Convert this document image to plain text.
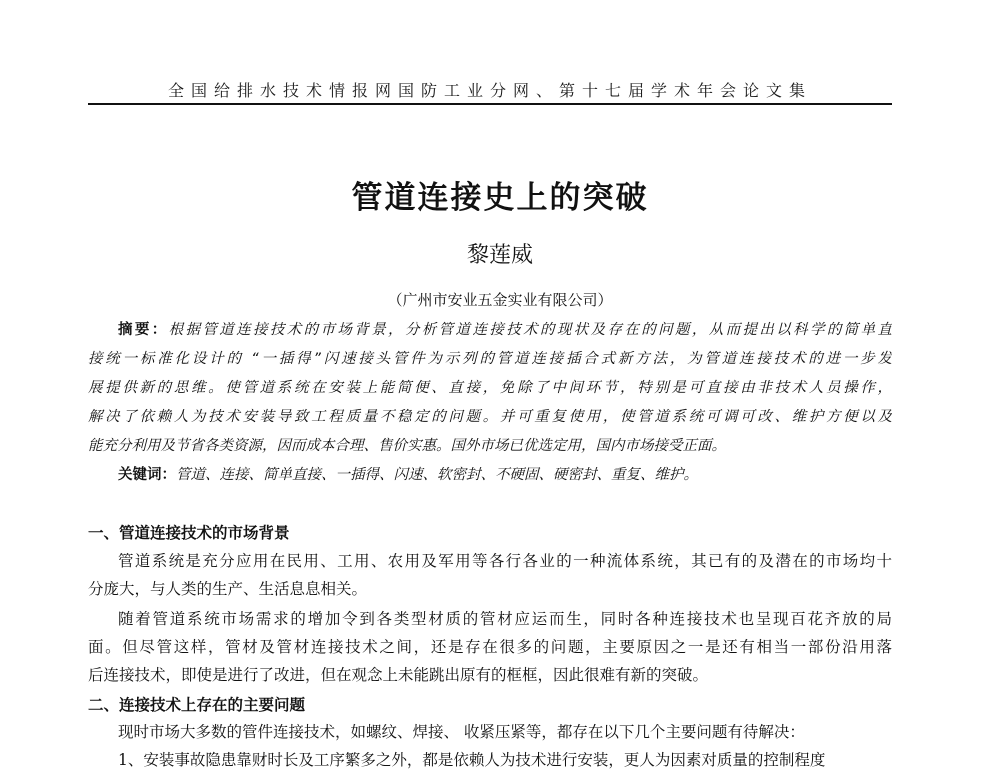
全国给排水技术情报网国防工业分网、第十七届学术年会论文集
管道连接史上的突破
黎莲威
（广州市安业五金实业有限公司）
摘要：根据管道连接技术的市场背景，分析管道连接技术的现状及存在的问题，从而提出以科学的简单直
接统一标准化设计的 “一插得”闪速接头管件为示列的管道连接插合式新方法，为管道连接技术的进一步发
展提供新的思维。使管道系统在安装上能简便、直接，免除了中间环节，特别是可直接由非技术人员操作，
解决了依赖人为技术安装导致工程质量不稳定的问题。并可重复使用，使管道系统可调可改、维护方便以及
能充分利用及节省各类资源，因而成本合理、售价实惠。国外市场已优选定用，国内市场接受正面。
关键词：管道、连接、简单直接、一插得、闪速、软密封、不硬固、硬密封、重复、维护。
一、管道连接技术的市场背景
管道系统是充分应用在民用、工用、农用及军用等各行各业的一种流体系统，其已有的及潜在的市场均十
分庞大，与人类的生产、生活息息相关。
随着管道系统市场需求的增加令到各类型材质的管材应运而生，同时各种连接技术也呈现百花齐放的局
面。但尽管这样，管材及管材连接技术之间，还是存在很多的问题，主要原因之一是还有相当一部份沿用落
后连接技术，即使是进行了改进，但在观念上未能跳出原有的框框，因此很难有新的突破。
二、连接技术上存在的主要问题
现时市场大多数的管件连接技术，如螺纹、焊接、 收紧压紧等，都存在以下几个主要问题有待解决：
1、安装事故隐患靠财时长及工序繁多之外，都是依赖人为技术进行安装，更人为因素对质量的控制程度
